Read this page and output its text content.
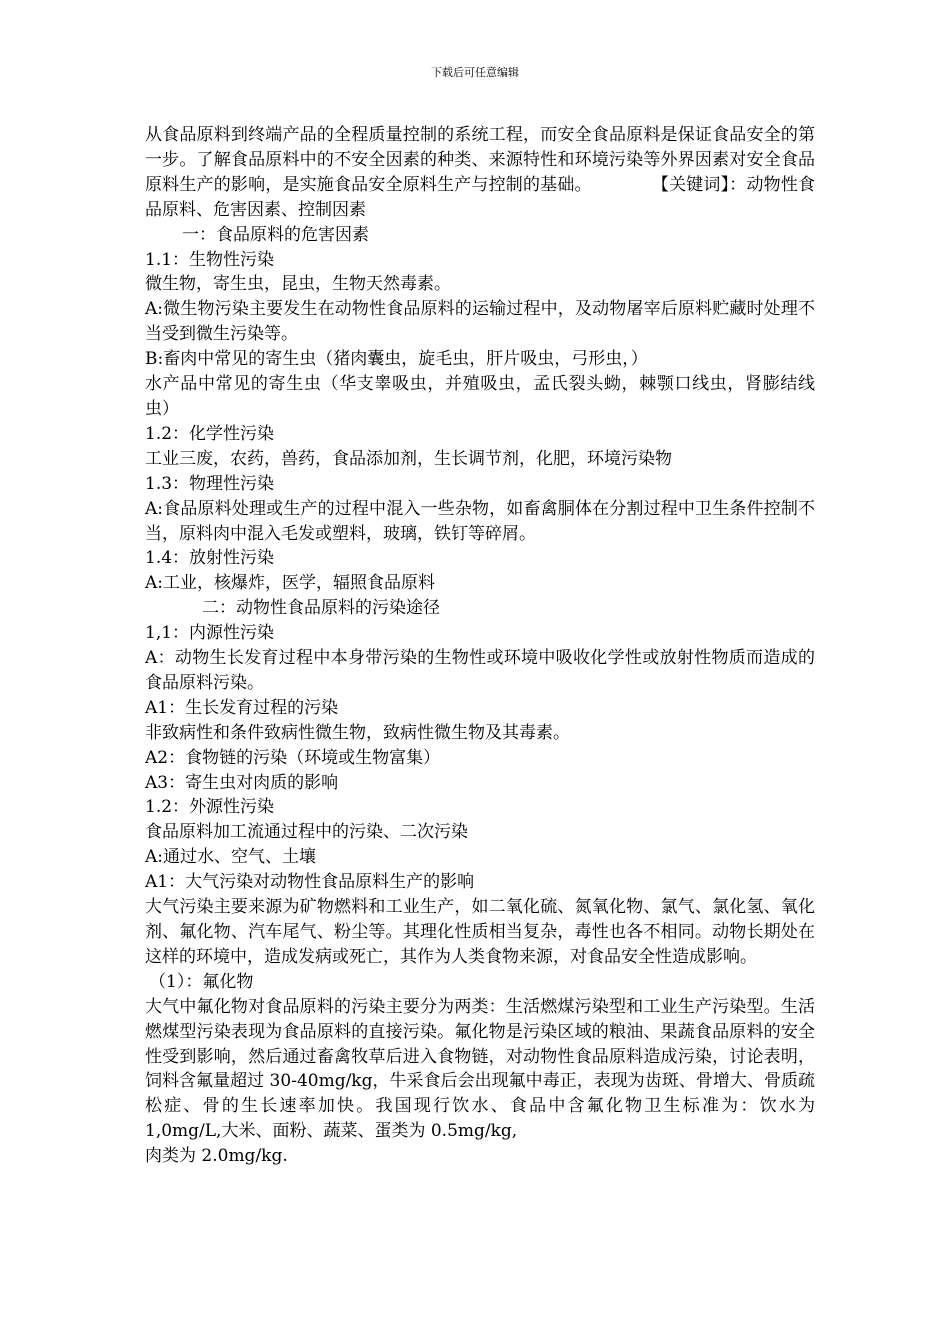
下载后可任意编辑

从食品原料到终端产品的全程质量控制的系统工程，而安全食品原料是保证食品安全的第一步。了解食品原料中的不安全因素的种类、来源特性和环境污染等外界因素对安全食品原料生产的影响，是实施食品安全原料生产与控制的基础。	【关键词】：动物性食品原料、危害因素、控制因素

一：食品原料的危害因素

1.1：生物性污染

微生物，寄生虫，昆虫，生物天然毒素。

A:微生物污染主要发生在动物性食品原料的运输过程中，及动物屠宰后原料贮藏时处理不当受到微生污染等。

B:畜肉中常见的寄生虫（猪肉囊虫，旋毛虫，肝片吸虫，弓形虫，）

水产品中常见的寄生虫（华支睾吸虫，并殖吸虫，孟氏裂头蚴，棘颚口线虫，肾膨结线虫）

1.2：化学性污染

工业三废，农药，兽药，食品添加剂，生长调节剂，化肥，环境污染物

1.3：物理性污染

A:食品原料处理或生产的过程中混入一些杂物，如畜禽胴体在分割过程中卫生条件控制不当，原料肉中混入毛发或塑料，玻璃，铁钉等碎屑。

1.4：放射性污染

A:工业，核爆炸，医学，辐照食品原料

二：动物性食品原料的污染途径

1,1：内源性污染

A：动物生长发育过程中本身带污染的生物性或环境中吸收化学性或放射性物质而造成的食品原料污染。

A1：生长发育过程的污染

非致病性和条件致病性微生物，致病性微生物及其毒素。

A2：食物链的污染（环境或生物富集）

A3：寄生虫对肉质的影响

1.2：外源性污染

食品原料加工流通过程中的污染、二次污染

A:通过水、空气、土壤

A1：大气污染对动物性食品原料生产的影响

大气污染主要来源为矿物燃料和工业生产，如二氧化硫、氮氧化物、氯气、氯化氢、氧化剂、氟化物、汽车尾气、粉尘等。其理化性质相当复杂，毒性也各不相同。动物长期处在这样的环境中，造成发病或死亡，其作为人类食物来源，对食品安全性造成影响。

（1）：氟化物

大气中氟化物对食品原料的污染主要分为两类：生活燃煤污染型和工业生产污染型。生活燃煤型污染表现为食品原料的直接污染。氟化物是污染区域的粮油、果蔬食品原料的安全性受到影响，然后通过畜禽牧草后进入食物链，对动物性食品原料造成污染，讨论表明，饲料含氟量超过 30-40mg/kg，牛采食后会出现氟中毒正，表现为齿斑、骨增大、骨质疏松症、骨的生长速率加快。我国现行饮水、食品中含氟化物卫生标准为：饮水为 1,0mg/L,大米、面粉、蔬菜、蛋类为 0.5mg/kg,

肉类为 2.0mg/kg.
